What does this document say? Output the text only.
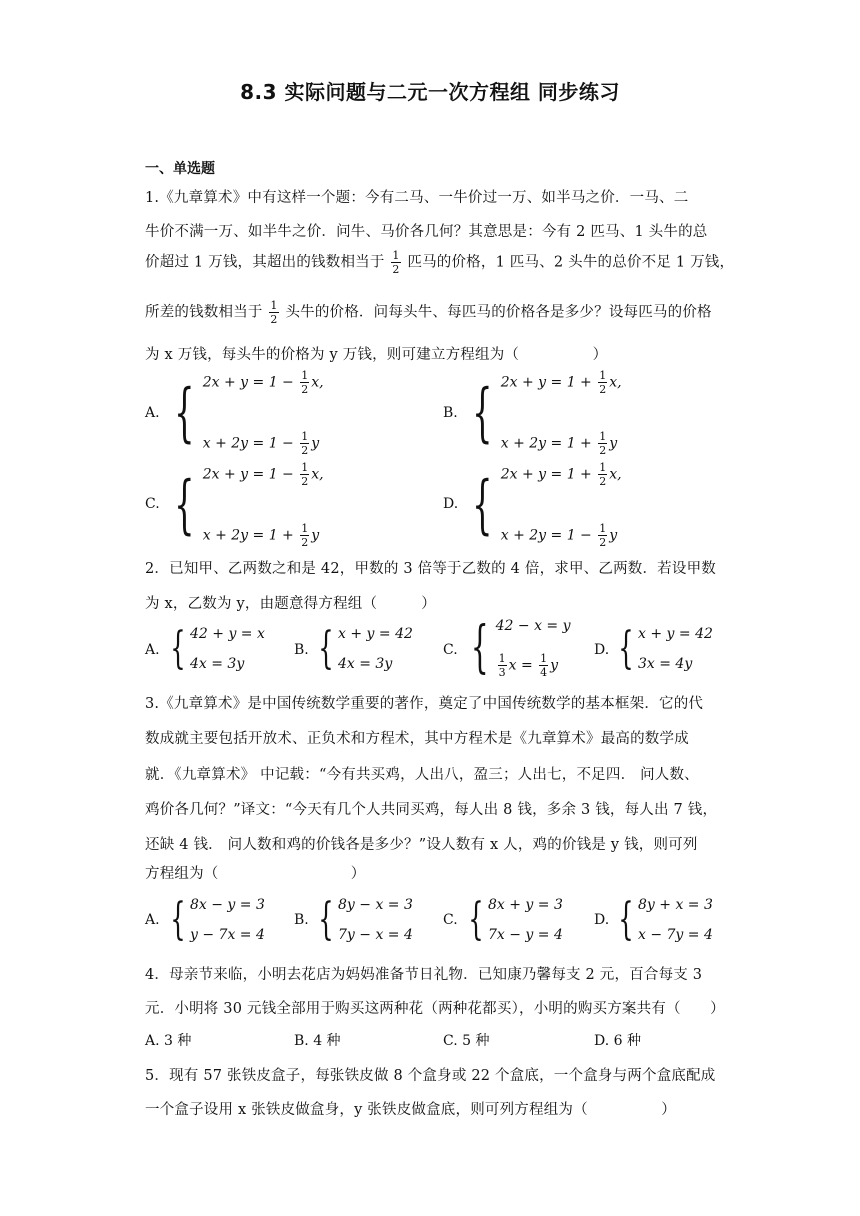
8.3 实际问题与二元一次方程组 同步练习
一、单选题
1.《九章算术》中有这样一个题：今有二马、一牛价过一万、如半马之价．一马、二
牛价不满一万、如半牛之价．问牛、马价各几何？其意思是：今有 2 匹马、1 头牛的总
价超过 1 万钱，其超出的钱数相当于 $\frac{1}{2}$ 匹马的价格，1 匹马、2 头牛的总价不足 1 万钱，
所差的钱数相当于 $\frac{1}{2}$ 头牛的价格．问每头牛、每匹马的价格各是多少？设每匹马的价格
为 x 万钱，每头牛的价格为 y 万钱，则可建立方程组为（　　　　　）
A. { $2x + y = 1 - \frac{1}{2} x$,
$x + 2y = 1 - \frac{1}{2}$ y
B. { $2x + y = 1 + \frac{1}{2} x$,
$x + 2y = 1 + \frac{1}{2}$ y
C. { $2x + y = 1 - \frac{1}{2} x$,
$x + 2y = 1 + \frac{1}{2}$ y
D. { $2x + y = 1 + \frac{1}{2} x$,
$x + 2y = 1 - \frac{1}{2}$ y
2．已知甲、乙两数之和是 42，甲数的 3 倍等于乙数的 4 倍，求甲、乙两数．若设甲数
为 x，乙数为 y，由题意得方程组（　　　）
A. { 42 + y = x
4x = 3y
B. { x + y = 42
4x = 3y
C. { 42 − x = y
$\frac{1}{3}$ $x = \frac{1}{4}$ y
D. { x + y = 42
3x = 4y
3.《九章算术》是中国传统数学重要的著作，奠定了中国传统数学的基本框架．它的代
数成就主要包括开放术、正负术和方程术，其中方程术是《九章算术》最高的数学成
就．《九章算术》 中记载：“今有共买鸡，人出八，盈三；人出七，不足四． 问人数、
鸡价各几何？”译文：“今天有几个人共同买鸡，每人出 8 钱，多余 3 钱，每人出 7 钱，
还缺 4 钱． 问人数和鸡的价钱各是多少？”设人数有 x 人，鸡的价钱是 y 钱，则可列
方程组为（　　　　　　　　　）
A. { 8x − y = 3
y − 7x = 4
B. { 8y − x = 3
7y − x = 4
C. { 8x + y = 3
7x − y = 4
D. { 8y + x = 3
x − 7y = 4
4．母亲节来临，小明去花店为妈妈准备节日礼物．已知康乃馨每支 2 元，百合每支 3
元．小明将 30 元钱全部用于购买这两种花（两种花都买），小明的购买方案共有（　　）
A. 3 种	B. 4 种	C. 5 种	D. 6 种
5．现有 57 张铁皮盒子，每张铁皮做 8 个盒身或 22 个盒底，一个盒身与两个盒底配成
一个盒子设用 x 张铁皮做盒身，y 张铁皮做盒底，则可列方程组为（　　　　　）
